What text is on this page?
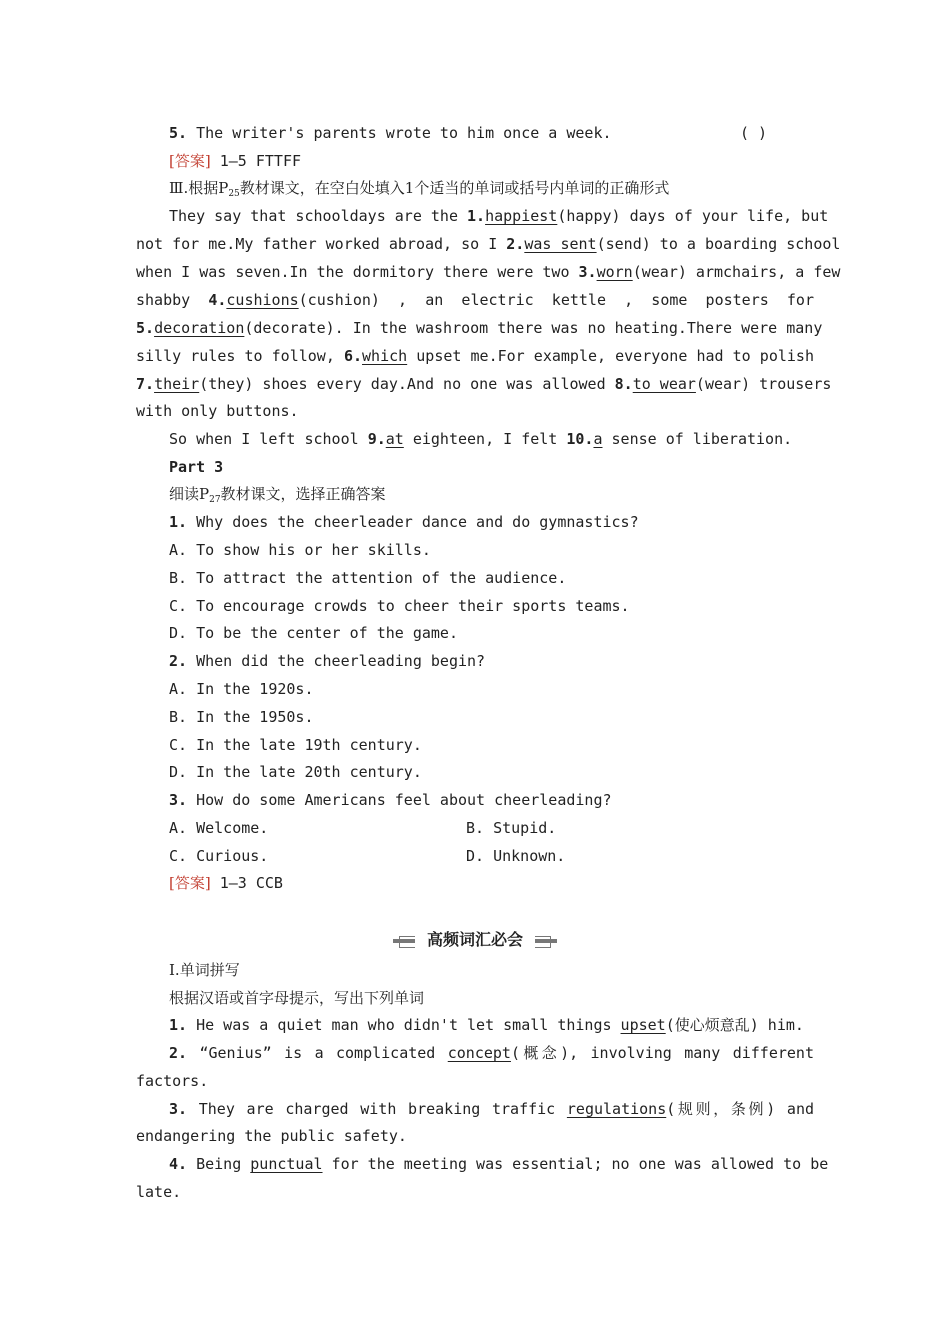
5. The writer's parents wrote to him once a week.	( )
[答案] 1—5 FTTFF
Ⅲ.根据$P_{25}$教材课文，在空白处填入1个适当的单词或括号内单词的正确形式
They say that schooldays are the 1.happiest(happy) days of your life, but
not for me.My father worked abroad, so I 2.was sent(send) to a boarding school
when I was seven.In the dormitory there were two 3.worn(wear) armchairs, a few
shabby 4.cushions(cushion) , an electric kettle , some posters for
5.decoration(decorate). In the washroom there was no heating.There were many
silly rules to follow, 6.which upset me.For example, everyone had to polish
7.their(they) shoes every day.And no one was allowed 8.to wear(wear) trousers
with only buttons.
So when I left school 9.at eighteen, I felt 10.a sense of liberation.
Part 3
细读$P_{27}$教材课文，选择正确答案
1. Why does the cheerleader dance and do gymnastics?
A. To show his or her skills.
B. To attract the attention of the audience.
C. To encourage crowds to cheer their sports teams.
D. To be the center of the game.
2. When did the cheerleading begin?
A. In the 1920s.
B. In the 1950s.
C. In the late 19th century.
D. In the late 20th century.
3. How do some Americans feel about cheerleading?
A. Welcome.	B. Stupid.
C. Curious.	D. Unknown.
[答案] 1—3 CCB
高频词汇必会
Ⅰ.单词拼写
根据汉语或首字母提示，写出下列单词
1. He was a quiet man who didn't let small things upset(使心烦意乱) him.
2. “Genius” is a complicated concept(概念), involving many different
factors.
3. They are charged with breaking traffic regulations(规则，条例) and
endangering the public safety.
4. Being punctual for the meeting was essential; no one was allowed to be
late.
